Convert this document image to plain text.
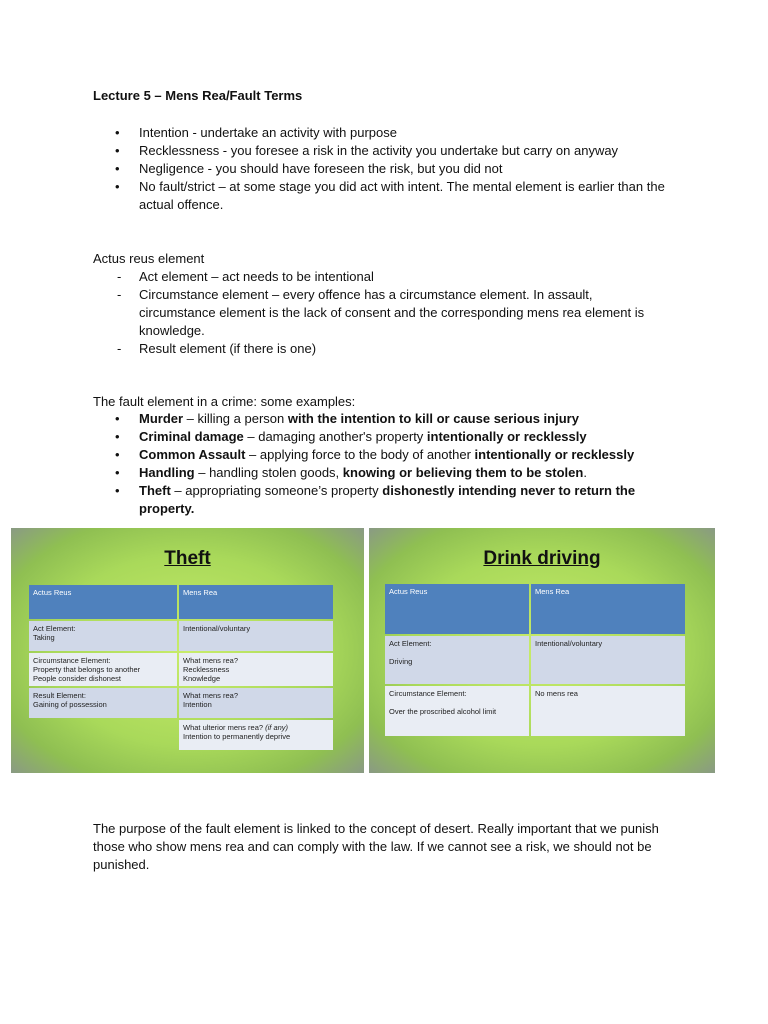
Lecture 5 – Mens Rea/Fault Terms
• Intention - undertake an activity with purpose
• Recklessness - you foresee a risk in the activity you undertake but carry on anyway
• Negligence - you should have foreseen the risk, but you did not
• No fault/strict – at some stage you did act with intent. The mental element is earlier than the actual offence.
Actus reus element
- Act element – act needs to be intentional
- Circumstance element – every offence has a circumstance element. In assault, circumstance element is the lack of consent and the corresponding mens rea element is knowledge.
- Result element (if there is one)
The fault element in a crime: some examples:
• Murder – killing a person with the intention to kill or cause serious injury
• Criminal damage – damaging another's property intentionally or recklessly
• Common Assault – applying force to the body of another intentionally or recklessly
• Handling – handling stolen goods, knowing or believing them to be stolen.
• Theft – appropriating someone’s property dishonestly intending never to return the property.
Theft
Actus Reus	Mens Rea
Act Element:
Taking	Intentional/voluntary
Circumstance Element:
Property that belongs to another
People consider dishonest	What mens rea?
Recklessness
Knowledge
Result Element:
Gaining of possession	What mens rea?
Intention
	What ulterior mens rea? (if any)
Intention to permanently deprive
Drink driving
Actus Reus	Mens Rea
Act Element:

Driving	Intentional/voluntary
Circumstance Element:

Over the proscribed alcohol limit	No mens rea
The purpose of the fault element is linked to the concept of desert. Really important that we punish those who show mens rea and can comply with the law. If we cannot see a risk, we should not be punished.
